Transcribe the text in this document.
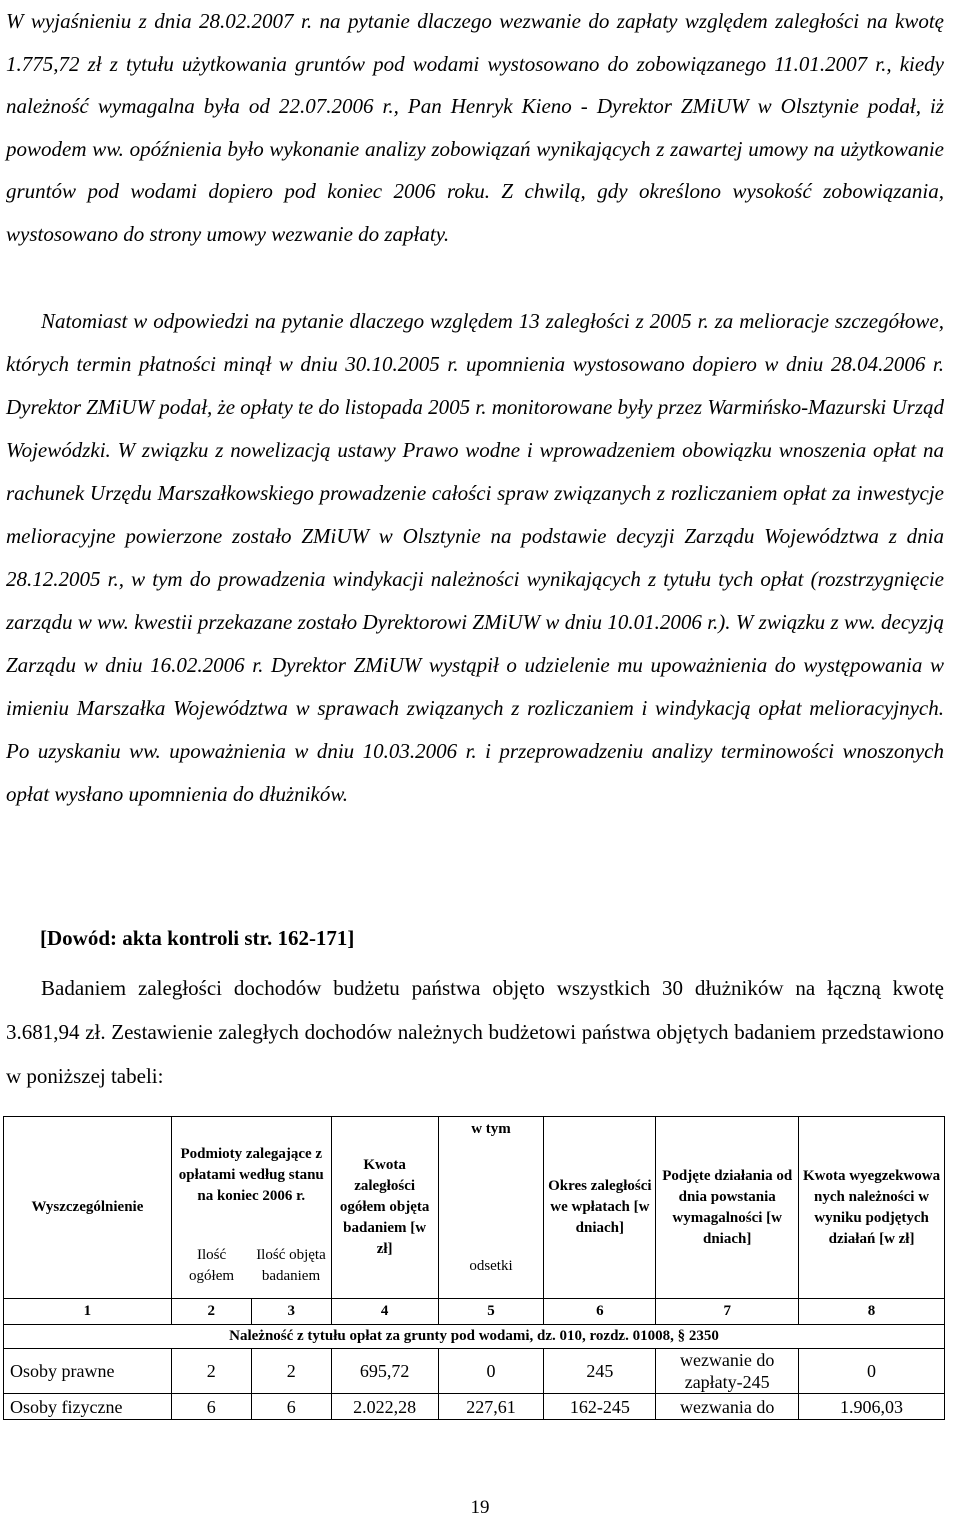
W wyjaśnieniu z dnia 28.02.2007 r. na pytanie dlaczego wezwanie do zapłaty względem zaległości na kwotę 1.775,72 zł z tytułu użytkowania gruntów pod wodami wystosowano do zobowiązanego 11.01.2007 r., kiedy należność wymagalna była od 22.07.2006 r., Pan Henryk Kieno - Dyrektor ZMiUW w Olsztynie podał, iż powodem ww. opóźnienia było wykonanie analizy zobowiązań wynikających z zawartej umowy na użytkowanie gruntów pod wodami dopiero pod koniec 2006 roku. Z chwilą, gdy określono wysokość zobowiązania, wystosowano do strony umowy wezwanie do zapłaty.

Natomiast w odpowiedzi na pytanie dlaczego względem 13 zaległości z 2005 r. za melioracje szczegółowe, których termin płatności minął w dniu 30.10.2005 r. upomnienia wystosowano dopiero w dniu 28.04.2006 r. Dyrektor ZMiUW podał, że opłaty te do listopada 2005 r. monitorowane były przez Warmińsko-Mazurski Urząd Wojewódzki. W związku z nowelizacją ustawy Prawo wodne i wprowadzeniem obowiązku wnoszenia opłat na rachunek Urzędu Marszałkowskiego prowadzenie całości spraw związanych z rozliczaniem opłat za inwestycje melioracyjne powierzone zostało ZMiUW w Olsztynie na podstawie decyzji Zarządu Województwa z dnia 28.12.2005 r., w tym do prowadzenia windykacji należności wynikających z tytułu tych opłat (rozstrzygnięcie zarządu w ww. kwestii przekazane zostało Dyrektorowi ZMiUW w dniu 10.01.2006 r.). W związku z ww. decyzją Zarządu w dniu 16.02.2006 r. Dyrektor ZMiUW wystąpił o udzielenie mu upoważnienia do występowania w imieniu Marszałka Województwa w sprawach związanych z rozliczaniem i windykacją opłat melioracyjnych. Po uzyskaniu ww. upoważnienia w dniu 10.03.2006 r. i przeprowadzeniu analizy terminowości wnoszonych opłat wysłano upomnienia do dłużników.

[Dowód: akta kontroli str. 162-171]

Badaniem zaległości dochodów budżetu państwa objęto wszystkich 30 dłużników na łączną kwotę 3.681,94 zł. Zestawienie zaległych dochodów należnych budżetowi państwa objętych badaniem przedstawiono w poniższej tabeli:

Wyszczególnienie	Podmioty zalegające z opłatami według stanu na koniec 2006 r.		Kwota zaległości ogółem objęta badaniem [w zł]	w tym	Okres zaległości we wpłatach [w dniach]	Podjęte działania od dnia powstania wymagalności [w dniach]	Kwota wyegzekwowa nych należności w wyniku podjętych działań [w zł]
	Ilość ogółem	Ilość objęta badaniem		odsetki			
1	2	3	4	5	6	7	8
Należność z tytułu opłat za grunty pod wodami, dz. 010, rozdz. 01008, § 2350							
Osoby prawne	2	2	695,72	0	245	wezwanie do
zapłaty-245	0
Osoby fizyczne	6	6	2.022,28	227,61	162-245	wezwania do	1.906,03
19
